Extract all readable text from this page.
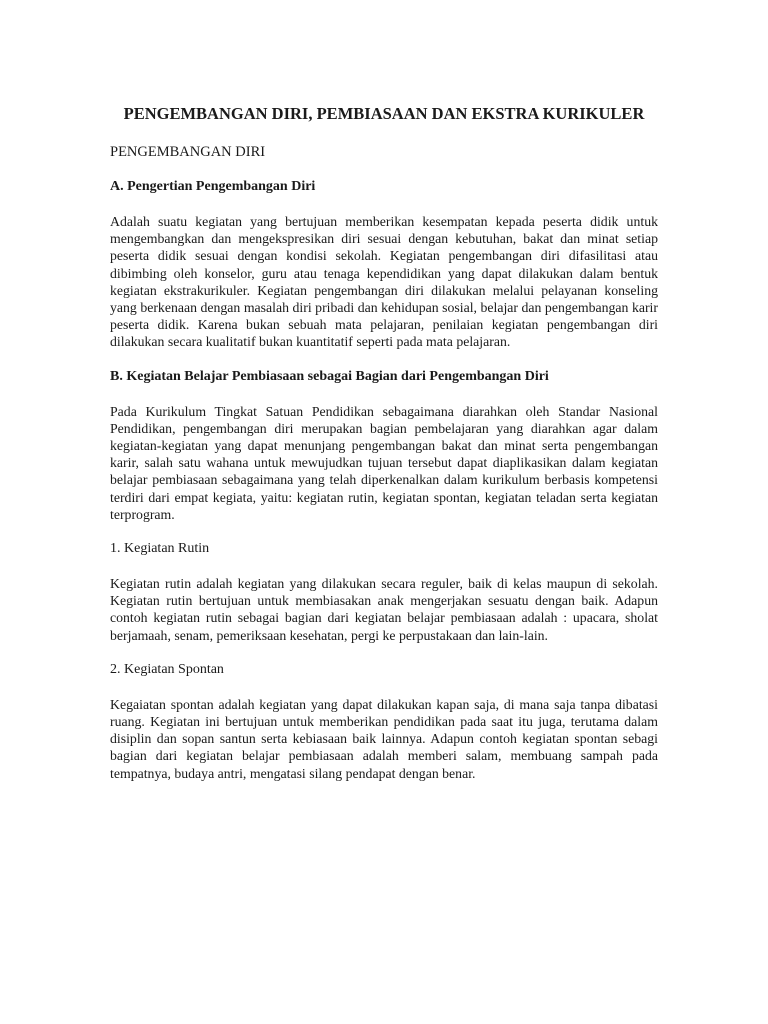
PENGEMBANGAN DIRI, PEMBIASAAN DAN EKSTRA KURIKULER
PENGEMBANGAN DIRI
A. Pengertian Pengembangan Diri
Adalah suatu kegiatan yang bertujuan memberikan kesempatan kepada peserta didik untuk mengembangkan dan mengekspresikan diri sesuai dengan kebutuhan, bakat dan minat setiap peserta didik sesuai dengan kondisi sekolah. Kegiatan pengembangan diri difasilitasi atau dibimbing oleh konselor, guru atau tenaga kependidikan yang dapat dilakukan dalam bentuk kegiatan ekstrakurikuler. Kegiatan pengembangan diri dilakukan melalui pelayanan konseling yang berkenaan dengan masalah diri pribadi dan kehidupan sosial, belajar dan pengembangan karir peserta didik. Karena bukan sebuah mata pelajaran, penilaian kegiatan pengembangan diri dilakukan secara kualitatif bukan kuantitatif seperti pada mata pelajaran.
B. Kegiatan Belajar Pembiasaan sebagai Bagian dari Pengembangan Diri
Pada Kurikulum Tingkat Satuan Pendidikan sebagaimana diarahkan oleh Standar Nasional Pendidikan, pengembangan diri merupakan bagian pembelajaran yang diarahkan agar dalam kegiatan-kegiatan yang dapat menunjang pengembangan bakat dan minat serta pengembangan karir, salah satu wahana untuk mewujudkan tujuan tersebut dapat diaplikasikan dalam kegiatan belajar pembiasaan sebagaimana yang telah diperkenalkan dalam kurikulum berbasis kompetensi terdiri dari empat kegiata, yaitu: kegiatan rutin, kegiatan spontan, kegiatan teladan serta kegiatan terprogram.
1. Kegiatan Rutin
Kegiatan rutin adalah kegiatan yang dilakukan secara reguler, baik di kelas maupun di sekolah. Kegiatan rutin bertujuan untuk membiasakan anak mengerjakan sesuatu dengan baik. Adapun contoh kegiatan rutin sebagai bagian dari kegiatan belajar pembiasaan adalah : upacara, sholat berjamaah, senam, pemeriksaan kesehatan, pergi ke perpustakaan dan lain-lain.
2. Kegiatan Spontan
Kegaiatan spontan adalah kegiatan yang dapat dilakukan kapan saja, di mana saja tanpa dibatasi ruang. Kegiatan ini bertujuan untuk memberikan pendidikan pada saat itu juga, terutama dalam disiplin dan sopan santun serta kebiasaan baik lainnya. Adapun contoh kegiatan spontan sebagi bagian dari kegiatan belajar pembiasaan adalah memberi salam, membuang sampah pada tempatnya, budaya antri, mengatasi silang pendapat dengan benar.
